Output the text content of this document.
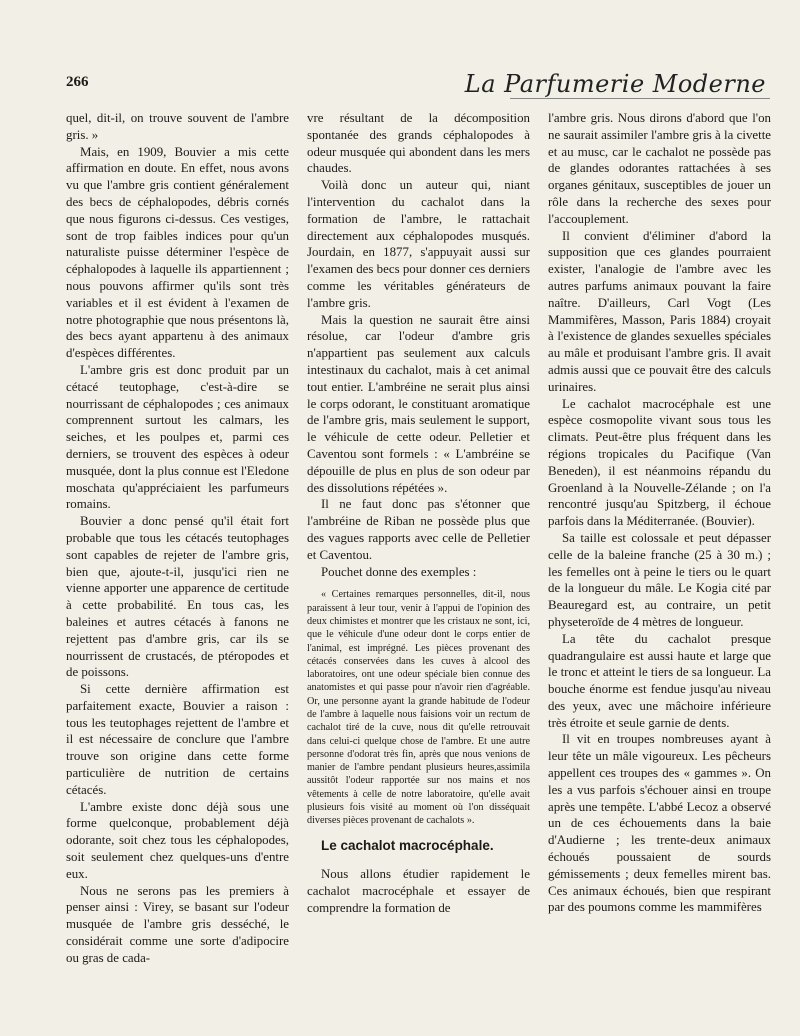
266	La Parfumerie Moderne

quel, dit-il, on trouve souvent de l'ambre gris. »

Mais, en 1909, Bouvier a mis cette affirmation en doute. En effet, nous avons vu que l'ambre gris contient généralement des becs de céphalopodes, débris cornés que nous figurons ci-dessus. Ces vestiges, sont de trop faibles indices pour qu'un naturaliste puisse déterminer l'espèce de céphalopodes à laquelle ils appartiennent ; nous pouvons affirmer qu'ils sont très variables et il est évident à l'examen de notre photographie que nous présentons là, des becs ayant appartenu à des animaux d'espèces différentes.

L'ambre gris est donc produit par un cétacé teutophage, c'est-à-dire se nourrissant de céphalopodes ; ces animaux comprennent surtout les calmars, les seiches, et les poulpes et, parmi ces derniers, se trouvent des espèces à odeur musquée, dont la plus connue est l'Eledone moschata qu'appréciaient les parfumeurs romains.

Bouvier a donc pensé qu'il était fort probable que tous les cétacés teutophages sont capables de rejeter de l'ambre gris, bien que, ajoute-t-il, jusqu'ici rien ne vienne apporter une apparence de certitude à cette probabilité. En tous cas, les baleines et autres cétacés à fanons ne rejettent pas d'ambre gris, car ils se nourrissent de crustacés, de ptéropodes et de poissons.

Si cette dernière affirmation est parfaitement exacte, Bouvier a raison : tous les teutophages rejettent de l'ambre et il est nécessaire de conclure que l'ambre trouve son origine dans cette forme particulière de nutrition de certains cétacés.

L'ambre existe donc déjà sous une forme quelconque, probablement déjà odorante, soit chez tous les céphalopodes, soit seulement chez quelques-uns d'entre eux.

Nous ne serons pas les premiers à penser ainsi : Virey, se basant sur l'odeur musquée de l'ambre gris desséché, le considérait comme une sorte d'adipocire ou gras de cada-

vre résultant de la décomposition spontanée des grands céphalopodes à odeur musquée qui abondent dans les mers chaudes.

Voilà donc un auteur qui, niant l'intervention du cachalot dans la formation de l'ambre, le rattachait directement aux céphalopodes musqués. Jourdain, en 1877, s'appuyait aussi sur l'examen des becs pour donner ces derniers comme les véritables générateurs de l'ambre gris.

Mais la question ne saurait être ainsi résolue, car l'odeur d'ambre gris n'appartient pas seulement aux calculs intestinaux du cachalot, mais à cet animal tout entier. L'ambréine ne serait plus ainsi le corps odorant, le constituant aromatique de l'ambre gris, mais seulement le support, le véhicule de cette odeur. Pelletier et Caventou sont formels : « L'ambréine se dépouille de plus en plus de son odeur par des dissolutions répétées ».

Il ne faut donc pas s'étonner que l'ambréine de Riban ne possède plus que des vagues rapports avec celle de Pelletier et Caventou.

Pouchet donne des exemples :

« Certaines remarques personnelles, dit-il, nous paraissent à leur tour, venir à l'appui de l'opinion des deux chimistes et montrer que les cristaux ne sont, ici, que le véhicule d'une odeur dont le corps entier de l'animal, est imprégné. Les pièces provenant des cétacés conservées dans les cuves à alcool des laboratoires, ont une odeur spéciale bien connue des anatomistes et qui passe pour n'avoir rien d'agréable. Or, une personne ayant la grande habitude de l'odeur de l'ambre à laquelle nous faisions voir un rectum de cachalot tiré de la cuve, nous dit qu'elle retrouvait dans celui-ci quelque chose de l'ambre. Et une autre personne d'odorat très fin, après que nous venions de manier de l'ambre pendant plusieurs heures,assimila aussitôt l'odeur rapportée sur nos mains et nos vêtements à celle de notre laboratoire, qu'elle avait plusieurs fois visité au moment où l'on disséquait diverses pièces provenant de cachalots ».

Le cachalot macrocéphale.

Nous allons étudier rapidement le cachalot macrocéphale et essayer de comprendre la formation de

l'ambre gris. Nous dirons d'abord que l'on ne saurait assimiler l'ambre gris à la civette et au musc, car le cachalot ne possède pas de glandes odorantes rattachées à ses organes génitaux, susceptibles de jouer un rôle dans la recherche des sexes pour l'accouplement.

Il convient d'éliminer d'abord la supposition que ces glandes pourraient exister, l'analogie de l'ambre avec les autres parfums animaux pouvant la faire naître. D'ailleurs, Carl Vogt (Les Mammifères, Masson, Paris 1884) croyait à l'existence de glandes sexuelles spéciales au mâle et produisant l'ambre gris. Il avait admis aussi que ce pouvait être des calculs urinaires.

Le cachalot macrocéphale est une espèce cosmopolite vivant sous tous les climats. Peut-être plus fréquent dans les régions tropicales du Pacifique (Van Beneden), il est néanmoins répandu du Groenland à la Nouvelle-Zélande ; on l'a rencontré jusqu'au Spitzberg, il échoue parfois dans la Méditerranée. (Bouvier).

Sa taille est colossale et peut dépasser celle de la baleine franche (25 à 30 m.) ; les femelles ont à peine le tiers ou le quart de la longueur du mâle. Le Kogia cité par Beauregard est, au contraire, un petit physeteroïde de 4 mètres de longueur.

La tête du cachalot presque quadrangulaire est aussi haute et large que le tronc et atteint le tiers de sa longueur. La bouche énorme est fendue jusqu'au niveau des yeux, avec une mâchoire inférieure très étroite et seule garnie de dents.

Il vit en troupes nombreuses ayant à leur tête un mâle vigoureux. Les pêcheurs appellent ces troupes des « gammes ». On les a vus parfois s'échouer ainsi en troupe après une tempête. L'abbé Lecoz a observé un de ces échouements dans la baie d'Audierne ; les trente-deux animaux échoués poussaient de sourds gémissements ; deux femelles mirent bas. Ces animaux échoués, bien que respirant par des poumons comme les mammifères
